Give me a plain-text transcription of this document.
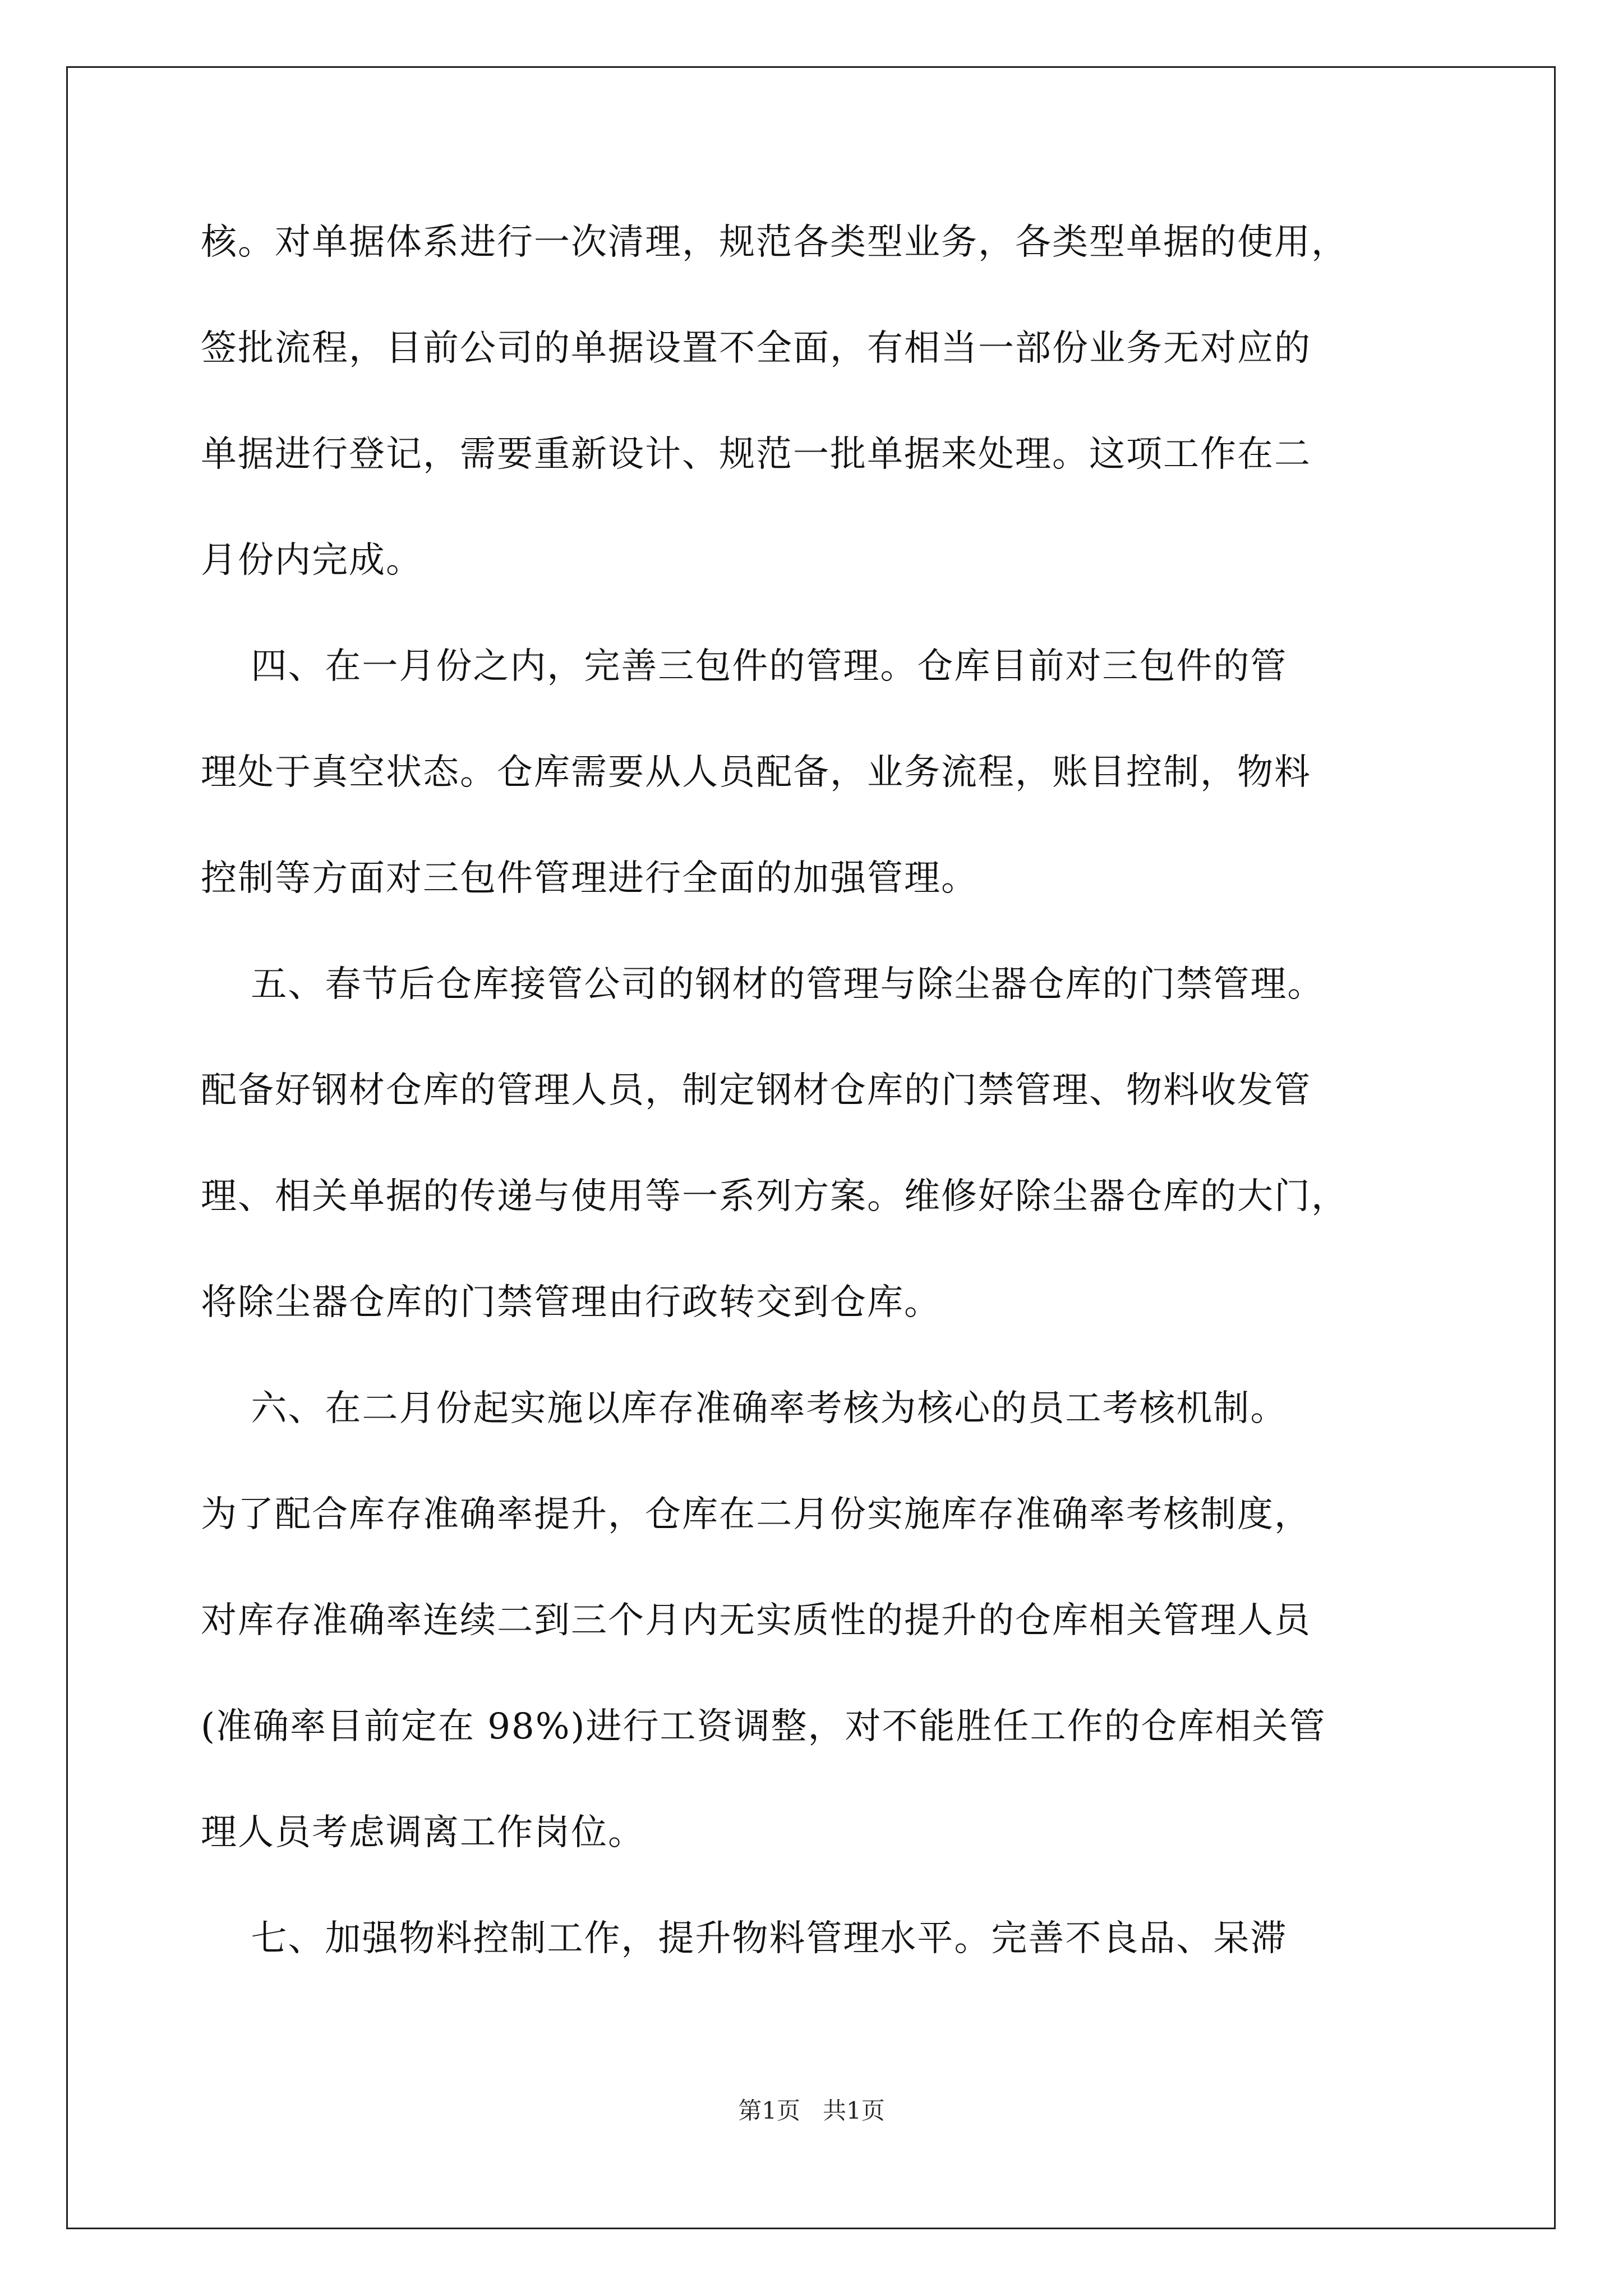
核。对单据体系进行一次清理，规范各类型业务，各类型单据的使用，
签批流程，目前公司的单据设置不全面，有相当一部份业务无对应的
单据进行登记，需要重新设计、规范一批单据来处理。这项工作在二
月份内完成。
四、在一月份之内，完善三包件的管理。仓库目前对三包件的管
理处于真空状态。仓库需要从人员配备，业务流程，账目控制，物料
控制等方面对三包件管理进行全面的加强管理。
五、春节后仓库接管公司的钢材的管理与除尘器仓库的门禁管理。
配备好钢材仓库的管理人员，制定钢材仓库的门禁管理、物料收发管
理、相关单据的传递与使用等一系列方案。维修好除尘器仓库的大门，
将除尘器仓库的门禁管理由行政转交到仓库。
六、在二月份起实施以库存准确率考核为核心的员工考核机制。
为了配合库存准确率提升，仓库在二月份实施库存准确率考核制度，
对库存准确率连续二到三个月内无实质性的提升的仓库相关管理人员
(准确率目前定在 98%)进行工资调整，对不能胜任工作的仓库相关管
理人员考虑调离工作岗位。
七、加强物料控制工作，提升物料管理水平。完善不良品、呆滞
第1页   共1页
